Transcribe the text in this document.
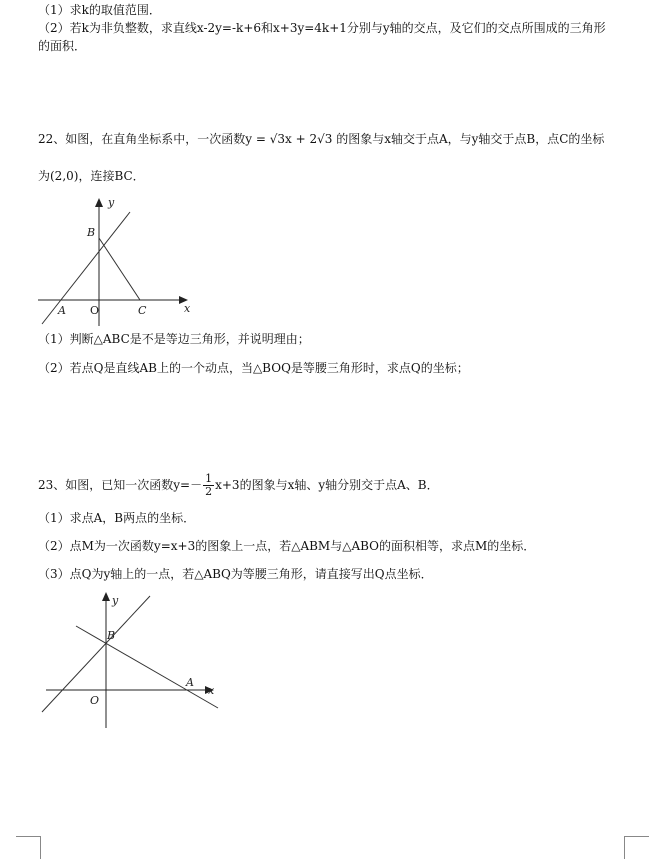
（1）求k的取值范围．
（2）若k为非负整数，求直线x-2y=-k+6和x+3y=4k+1分别与y轴的交点，及它们的交点所围成的三角形
的面积．
22、如图，在直角坐标系中，一次函数y = √3x + 2√3 的图象与x轴交于点A，与y轴交于点B，点C的坐标
为(2,0)，连接BC．
y
B
A O	C	x
（1）判断△ABC是不是等边三角形，并说明理由；
（2）若点Q是直线AB上的一个动点，当△BOQ是等腰三角形时，求点Q的坐标；
23、如图，已知一次函数$y=- \frac{1}{2} x+3$的图象与x轴、y轴分别交于点A、B．
（1）求点A，B两点的坐标．
（2）点M为一次函数y=x+3的图象上一点，若△ABM与△ABO的面积相等，求点M的坐标．
（3）点Q为y轴上的一点，若△ABQ为等腰三角形，请直接写出Q点坐标．
y
B
A
O
x
